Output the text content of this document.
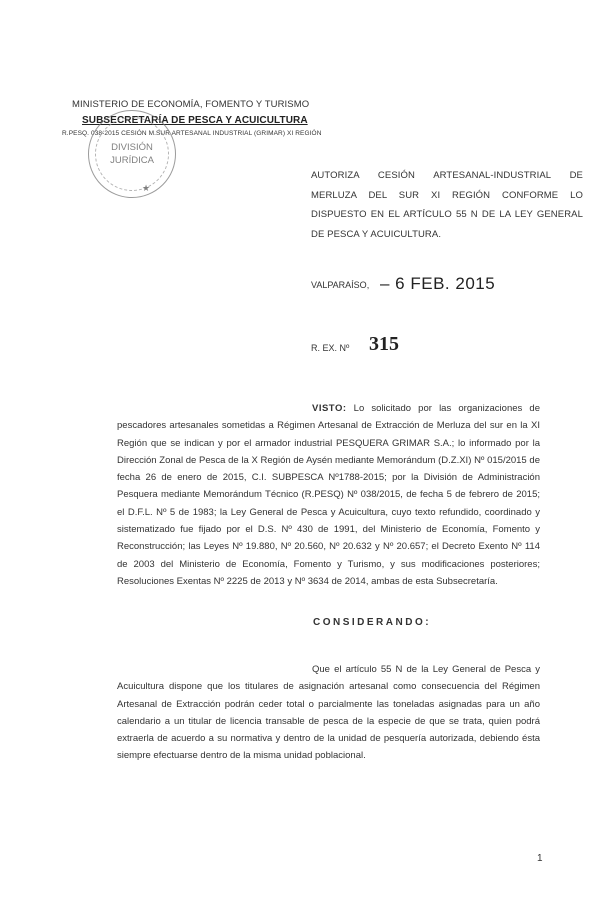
MINISTERIO DE ECONOMÍA, FOMENTO Y TURISMO
SUBSECRETARÍA DE PESCA Y ACUICULTURA
R.PESQ. 038-2015 CESIÓN M.SUR ARTESANAL INDUSTRIAL (GRIMAR) XI REGIÓN
DIVISIÓN
JURÍDICA
★
AUTORIZA CESIÓN ARTESANAL-INDUSTRIAL DE MERLUZA DEL SUR XI REGIÓN CONFORME LO DISPUESTO EN EL ARTÍCULO 55 N DE LA LEY GENERAL DE PESCA Y ACUICULTURA.
VALPARAÍSO, – 6 FEB. 2015
R. EX. Nº 315
VISTO: Lo solicitado por las organizaciones de pescadores artesanales sometidas a Régimen Artesanal de Extracción de Merluza del sur en la XI Región que se indican y por el armador industrial PESQUERA GRIMAR S.A.; lo informado por la Dirección Zonal de Pesca de la X Región de Aysén mediante Memorándum (D.Z.XI) Nº 015/2015 de fecha 26 de enero de 2015, C.I. SUBPESCA Nº1788-2015; por la División de Administración Pesquera mediante Memorándum Técnico (R.PESQ) Nº 038/2015, de fecha 5 de febrero de 2015; el D.F.L. Nº 5 de 1983; la Ley General de Pesca y Acuicultura, cuyo texto refundido, coordinado y sistematizado fue fijado por el D.S. Nº 430 de 1991, del Ministerio de Economía, Fomento y Reconstrucción; las Leyes Nº 19.880, Nº 20.560, Nº 20.632 y Nº 20.657; el Decreto Exento Nº 114 de 2003 del Ministerio de Economía, Fomento y Turismo, y sus modificaciones posteriores; Resoluciones Exentas Nº 2225 de 2013 y Nº 3634 de 2014, ambas de esta Subsecretaría.
CONSIDERANDO:
Que el artículo 55 N de la Ley General de Pesca y Acuicultura dispone que los titulares de asignación artesanal como consecuencia del Régimen Artesanal de Extracción podrán ceder total o parcialmente las toneladas asignadas para un año calendario a un titular de licencia transable de pesca de la especie de que se trata, quien podrá extraerla de acuerdo a su normativa y dentro de la unidad de pesquería autorizada, debiendo ésta siempre efectuarse dentro de la misma unidad poblacional.
1
